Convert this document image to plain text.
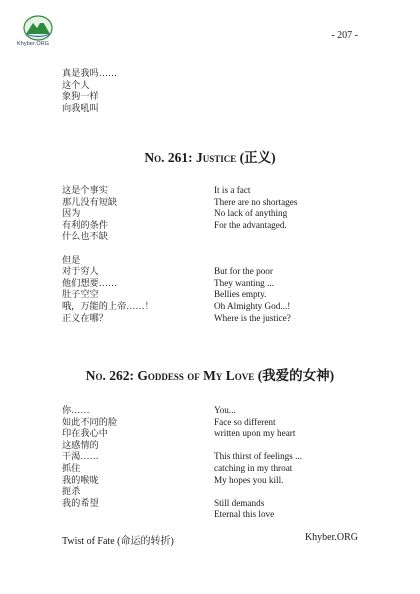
Khyber.ORG
- 207 -
真是我吗……
这个人
象狗一样
向我吼叫
No. 261: Justice (正义)
这是个事实
那儿没有短缺
因为
有利的条件
什么也不缺
但是
对于穷人
他们想要……
肚子空空
哦，万能的上帝……！
正义在哪？
It is a fact
There are no shortages
No lack of anything
For the advantaged.
But for the poor
They wanting ...
Bellies empty.
Oh Almighty God...!
Where is the justice?
No. 262: Goddess of My Love (我爱的女神)
你……
如此不同的脸
印在我心中
这感情的
干渴……
抓住
我的喉咙
扼杀
我的希望
You...
Face so different
written upon my heart
This thirst of feelings ...
catching in my throat
My hopes you kill.
Still demands
Eternal this love
Twist of Fate (命运的转折)	Khyber.ORG
